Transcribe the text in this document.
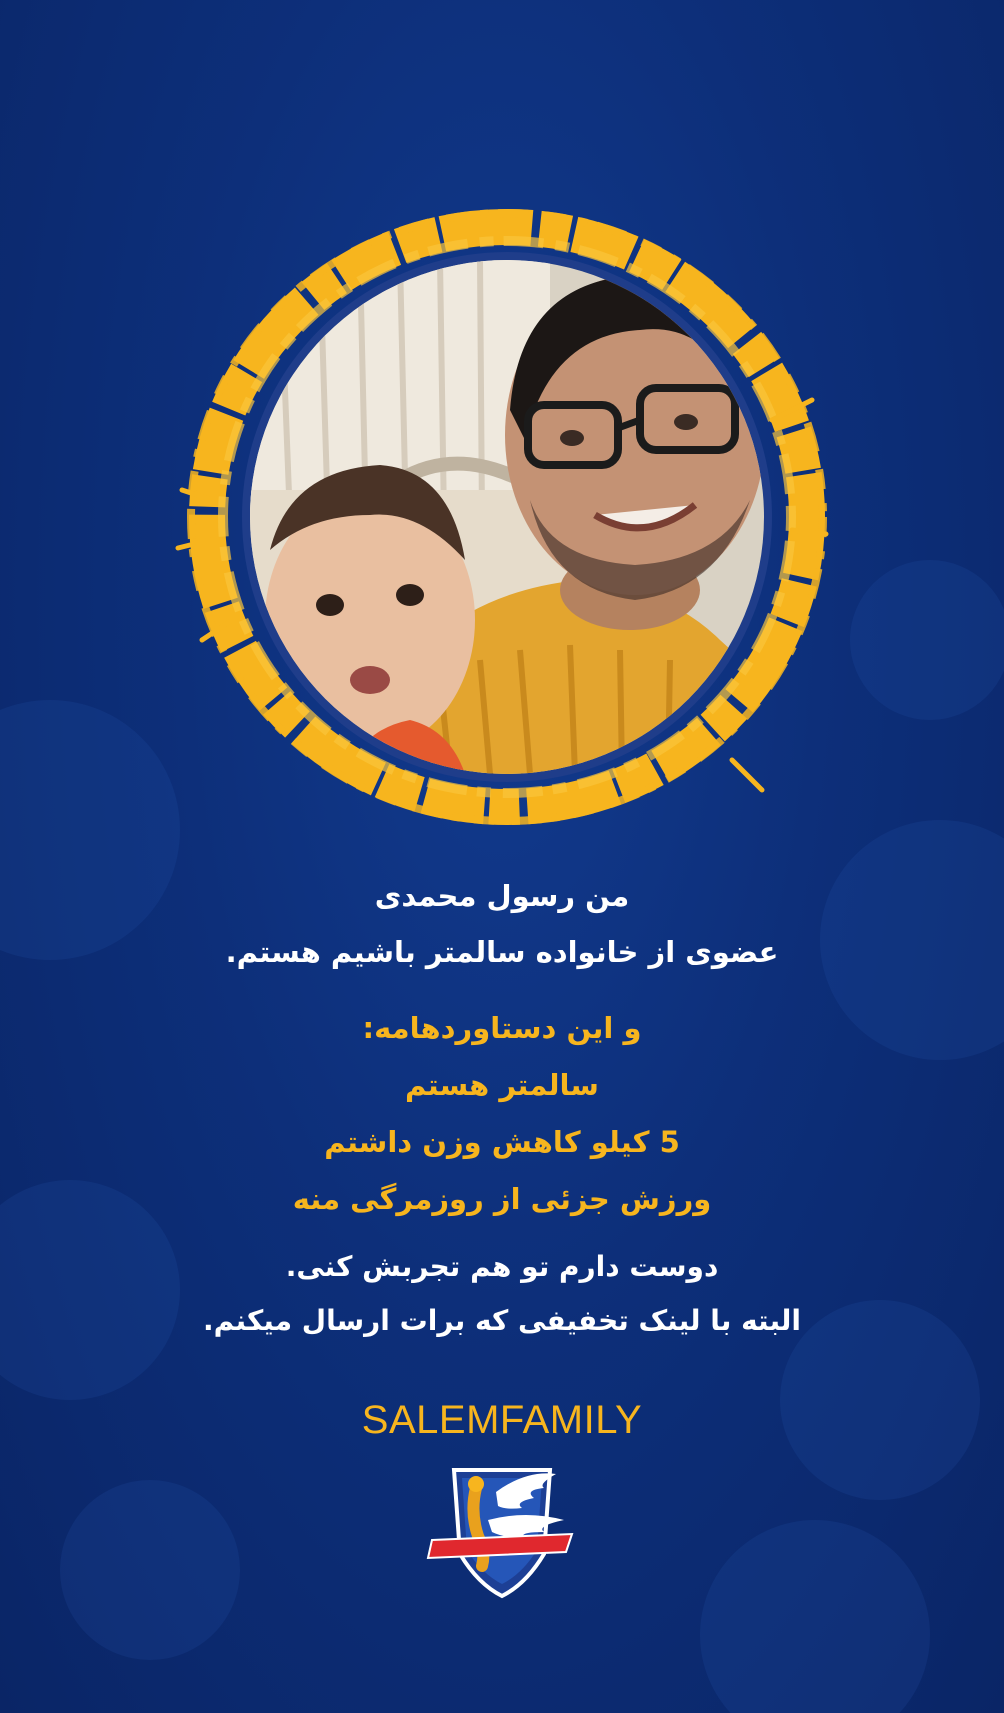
من رسول محمدی
عضوی از خانواده سالمتر باشیم هستم.
و این دستاوردهامه:
سالمتر هستم
5 کیلو کاهش وزن داشتم
ورزش جزئی از روزمرگی منه
دوست دارم تو هم تجربش کنی.
البته با لینک تخفیفی که برات ارسال میکنم.
SALEMFAMILY
